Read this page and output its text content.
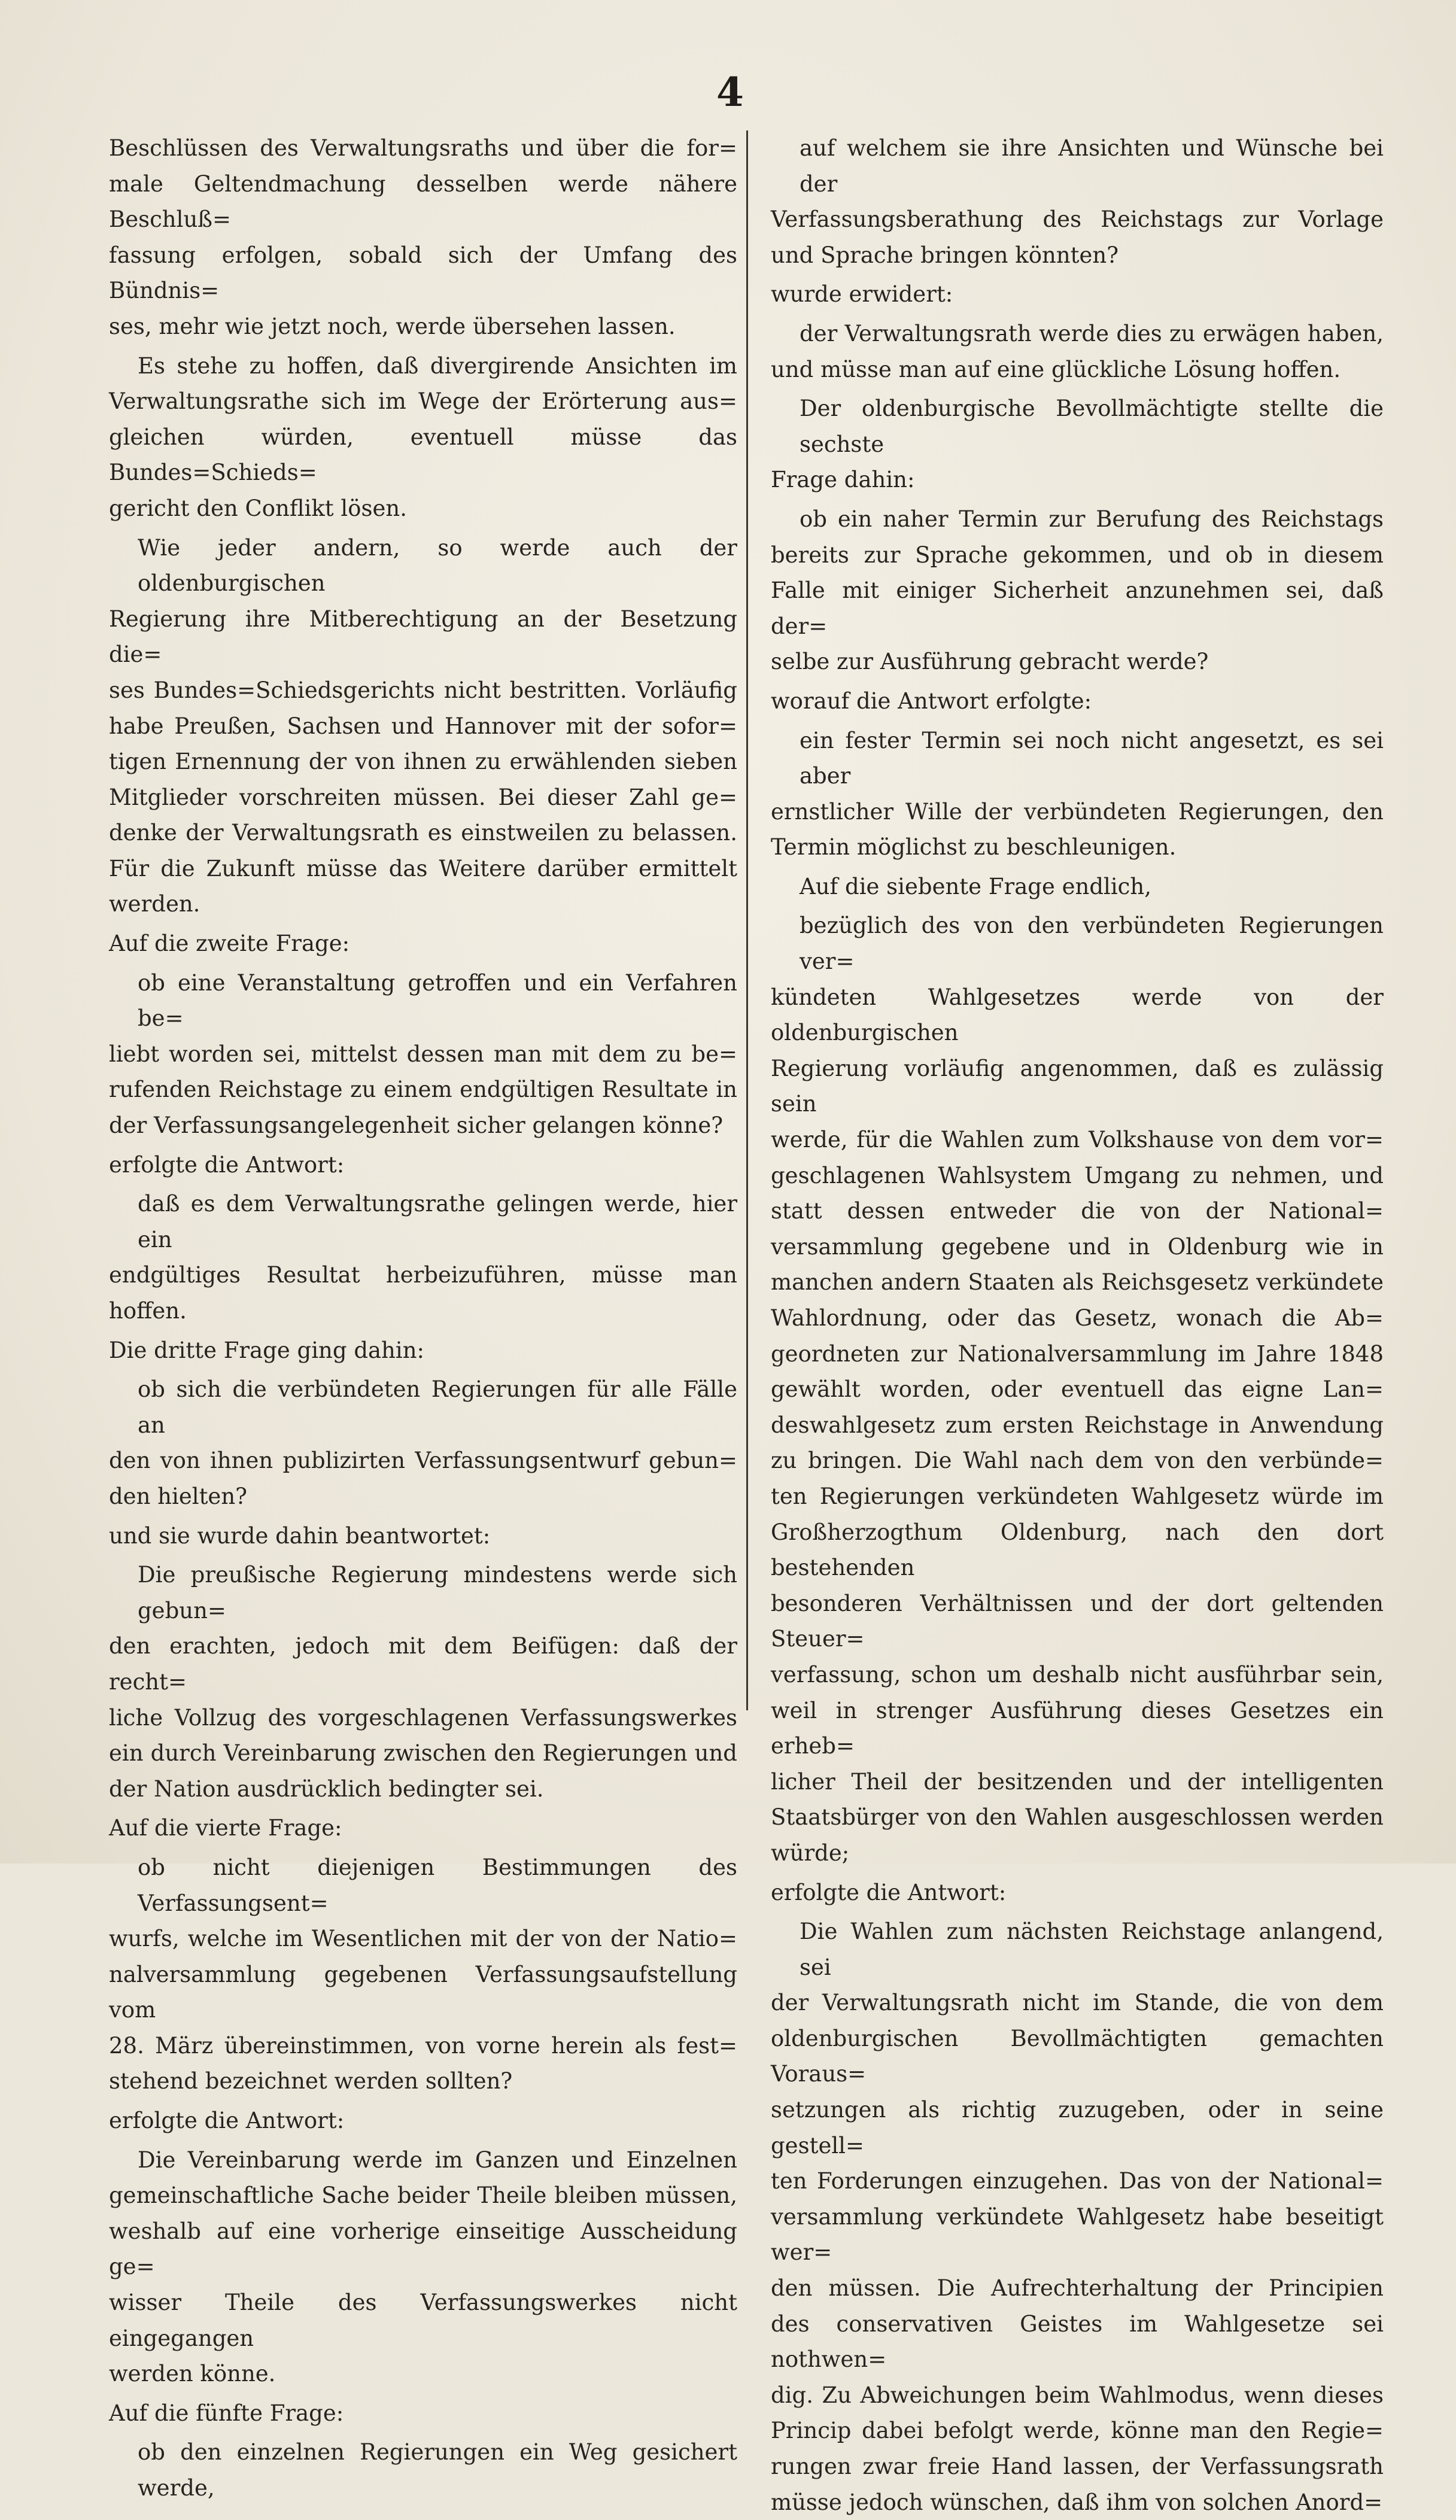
4

Beschlüssen des Verwaltungsraths und über die for=

male Geltendmachung desselben werde nähere Beschluß=

fassung erfolgen, sobald sich der Umfang des Bündnis=

ses, mehr wie jetzt noch, werde übersehen lassen.

Es stehe zu hoffen, daß divergirende Ansichten im

Verwaltungsrathe sich im Wege der Erörterung aus=

gleichen würden, eventuell müsse das Bundes=Schieds=

gericht den Conflikt lösen.

Wie jeder andern, so werde auch der oldenburgischen

Regierung ihre Mitberechtigung an der Besetzung die=

ses Bundes=Schiedsgerichts nicht bestritten. Vorläufig

habe Preußen, Sachsen und Hannover mit der sofor=

tigen Ernennung der von ihnen zu erwählenden sieben

Mitglieder vorschreiten müssen. Bei dieser Zahl ge=

denke der Verwaltungsrath es einstweilen zu belassen.

Für die Zukunft müsse das Weitere darüber ermittelt

werden.

Auf die zweite Frage:

ob eine Veranstaltung getroffen und ein Verfahren be=

liebt worden sei, mittelst dessen man mit dem zu be=

rufenden Reichstage zu einem endgültigen Resultate in

der Verfassungsangelegenheit sicher gelangen könne?

erfolgte die Antwort:

daß es dem Verwaltungsrathe gelingen werde, hier ein

endgültiges Resultat herbeizuführen, müsse man hoffen.

Die dritte Frage ging dahin:

ob sich die verbündeten Regierungen für alle Fälle an

den von ihnen publizirten Verfassungsentwurf gebun=

den hielten?

und sie wurde dahin beantwortet:

Die preußische Regierung mindestens werde sich gebun=

den erachten, jedoch mit dem Beifügen: daß der recht=

liche Vollzug des vorgeschlagenen Verfassungswerkes

ein durch Vereinbarung zwischen den Regierungen und

der Nation ausdrücklich bedingter sei.

Auf die vierte Frage:

ob nicht diejenigen Bestimmungen des Verfassungsent=

wurfs, welche im Wesentlichen mit der von der Natio=

nalversammlung gegebenen Verfassungsaufstellung vom

28. März übereinstimmen, von vorne herein als fest=

stehend bezeichnet werden sollten?

erfolgte die Antwort:

Die Vereinbarung werde im Ganzen und Einzelnen

gemeinschaftliche Sache beider Theile bleiben müssen,

weshalb auf eine vorherige einseitige Ausscheidung ge=

wisser Theile des Verfassungswerkes nicht eingegangen

werden könne.

Auf die fünfte Frage:

ob den einzelnen Regierungen ein Weg gesichert werde,

auf welchem sie ihre Ansichten und Wünsche bei der

Verfassungsberathung des Reichstags zur Vorlage

und Sprache bringen könnten?

wurde erwidert:

der Verwaltungsrath werde dies zu erwägen haben,

und müsse man auf eine glückliche Lösung hoffen.

Der oldenburgische Bevollmächtigte stellte die sechste

Frage dahin:

ob ein naher Termin zur Berufung des Reichstags

bereits zur Sprache gekommen, und ob in diesem

Falle mit einiger Sicherheit anzunehmen sei, daß der=

selbe zur Ausführung gebracht werde?

worauf die Antwort erfolgte:

ein fester Termin sei noch nicht angesetzt, es sei aber

ernstlicher Wille der verbündeten Regierungen, den

Termin möglichst zu beschleunigen.

Auf die siebente Frage endlich,

bezüglich des von den verbündeten Regierungen ver=

kündeten Wahlgesetzes werde von der oldenburgischen

Regierung vorläufig angenommen, daß es zulässig sein

werde, für die Wahlen zum Volkshause von dem vor=

geschlagenen Wahlsystem Umgang zu nehmen, und

statt dessen entweder die von der National=

versammlung gegebene und in Oldenburg wie in

manchen andern Staaten als Reichsgesetz verkündete

Wahlordnung, oder das Gesetz, wonach die Ab=

geordneten zur Nationalversammlung im Jahre 1848

gewählt worden, oder eventuell das eigne Lan=

deswahlgesetz zum ersten Reichstage in Anwendung

zu bringen. Die Wahl nach dem von den verbünde=

ten Regierungen verkündeten Wahlgesetz würde im

Großherzogthum Oldenburg, nach den dort bestehenden

besonderen Verhältnissen und der dort geltenden Steuer=

verfassung, schon um deshalb nicht ausführbar sein,

weil in strenger Ausführung dieses Gesetzes ein erheb=

licher Theil der besitzenden und der intelligenten

Staatsbürger von den Wahlen ausgeschlossen werden

würde;

erfolgte die Antwort:

Die Wahlen zum nächsten Reichstage anlangend, sei

der Verwaltungsrath nicht im Stande, die von dem

oldenburgischen Bevollmächtigten gemachten Voraus=

setzungen als richtig zuzugeben, oder in seine gestell=

ten Forderungen einzugehen. Das von der National=

versammlung verkündete Wahlgesetz habe beseitigt wer=

den müssen. Die Aufrechterhaltung der Principien

des conservativen Geistes im Wahlgesetze sei nothwen=

dig. Zu Abweichungen beim Wahlmodus, wenn dieses

Princip dabei befolgt werde, könne man den Regie=

rungen zwar freie Hand lassen, der Verfassungsrath

müsse jedoch wünschen, daß ihm von solchen Anord=
